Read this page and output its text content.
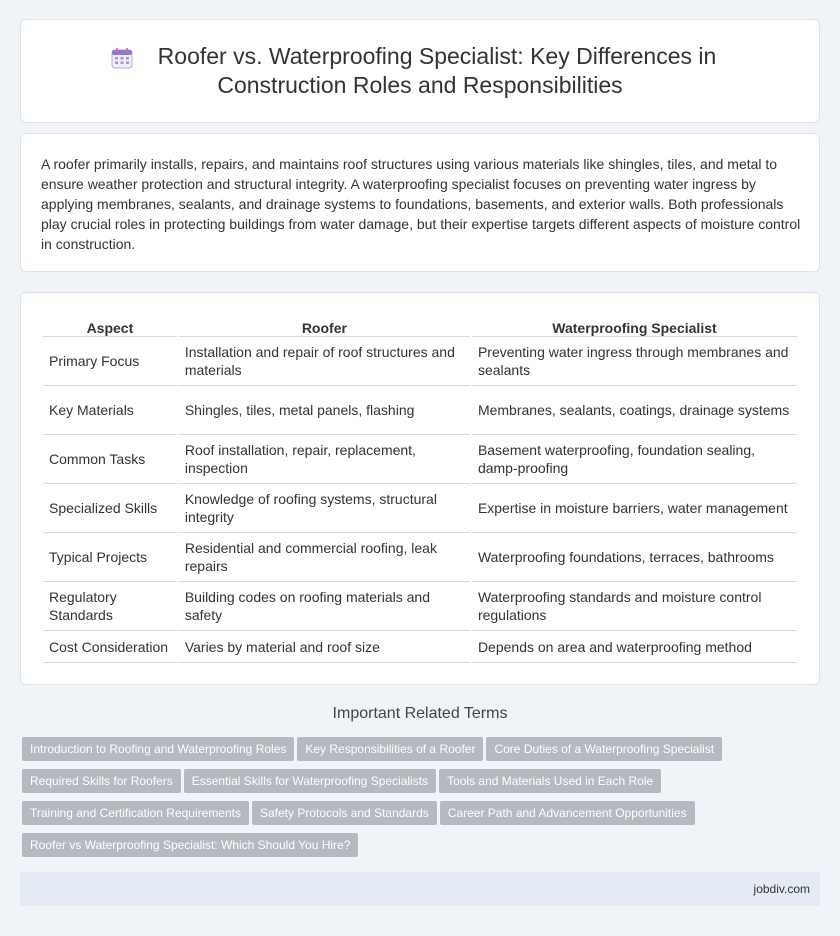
Roofer vs. Waterproofing Specialist: Key Differences in
Construction Roles and Responsibilities

A roofer primarily installs, repairs, and maintains roof structures using various materials like shingles, tiles, and metal to ensure weather protection and structural integrity. A waterproofing specialist focuses on preventing water ingress by applying membranes, sealants, and drainage systems to foundations, basements, and exterior walls. Both professionals play crucial roles in protecting buildings from water damage, but their expertise targets different aspects of moisture control in construction.

Aspect	Roofer	Waterproofing Specialist
Primary Focus	Installation and repair of roof structures and materials	Preventing water ingress through membranes and sealants
Key Materials	Shingles, tiles, metal panels, flashing	Membranes, sealants, coatings, drainage systems
Common Tasks	Roof installation, repair, replacement, inspection	Basement waterproofing, foundation sealing, damp-proofing
Specialized Skills	Knowledge of roofing systems, structural integrity	Expertise in moisture barriers, water management
Typical Projects	Residential and commercial roofing, leak repairs	Waterproofing foundations, terraces, bathrooms
Regulatory Standards	Building codes on roofing materials and safety	Waterproofing standards and moisture control regulations
Cost Consideration	Varies by material and roof size	Depends on area and waterproofing method
Important Related Terms
Introduction to Roofing and Waterproofing Roles Key Responsibilities of a Roofer Core Duties of a Waterproofing Specialist
Required Skills for Roofers Essential Skills for Waterproofing Specialists Tools and Materials Used in Each Role
Training and Certification Requirements Safety Protocols and Standards Career Path and Advancement Opportunities
Roofer vs Waterproofing Specialist: Which Should You Hire?
jobdiv.com
